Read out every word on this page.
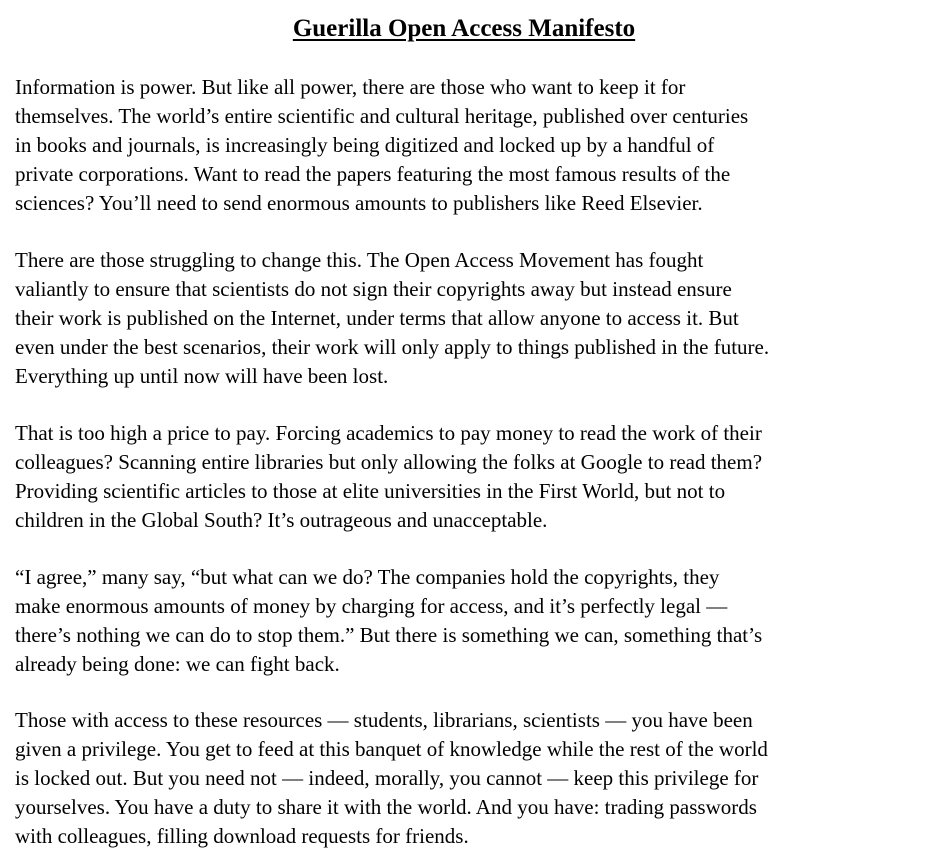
Guerilla Open Access Manifesto

Information is power. But like all power, there are those who want to keep it for
themselves. The world’s entire scientific and cultural heritage, published over centuries
in books and journals, is increasingly being digitized and locked up by a handful of
private corporations. Want to read the papers featuring the most famous results of the
sciences? You’ll need to send enormous amounts to publishers like Reed Elsevier.

There are those struggling to change this. The Open Access Movement has fought
valiantly to ensure that scientists do not sign their copyrights away but instead ensure
their work is published on the Internet, under terms that allow anyone to access it. But
even under the best scenarios, their work will only apply to things published in the future.
Everything up until now will have been lost.

That is too high a price to pay. Forcing academics to pay money to read the work of their
colleagues? Scanning entire libraries but only allowing the folks at Google to read them?
Providing scientific articles to those at elite universities in the First World, but not to
children in the Global South? It’s outrageous and unacceptable.

“I agree,” many say, “but what can we do? The companies hold the copyrights, they
make enormous amounts of money by charging for access, and it’s perfectly legal —
there’s nothing we can do to stop them.” But there is something we can, something that’s
already being done: we can fight back.

Those with access to these resources — students, librarians, scientists — you have been
given a privilege. You get to feed at this banquet of knowledge while the rest of the world
is locked out. But you need not — indeed, morally, you cannot — keep this privilege for
yourselves. You have a duty to share it with the world. And you have: trading passwords
with colleagues, filling download requests for friends.
